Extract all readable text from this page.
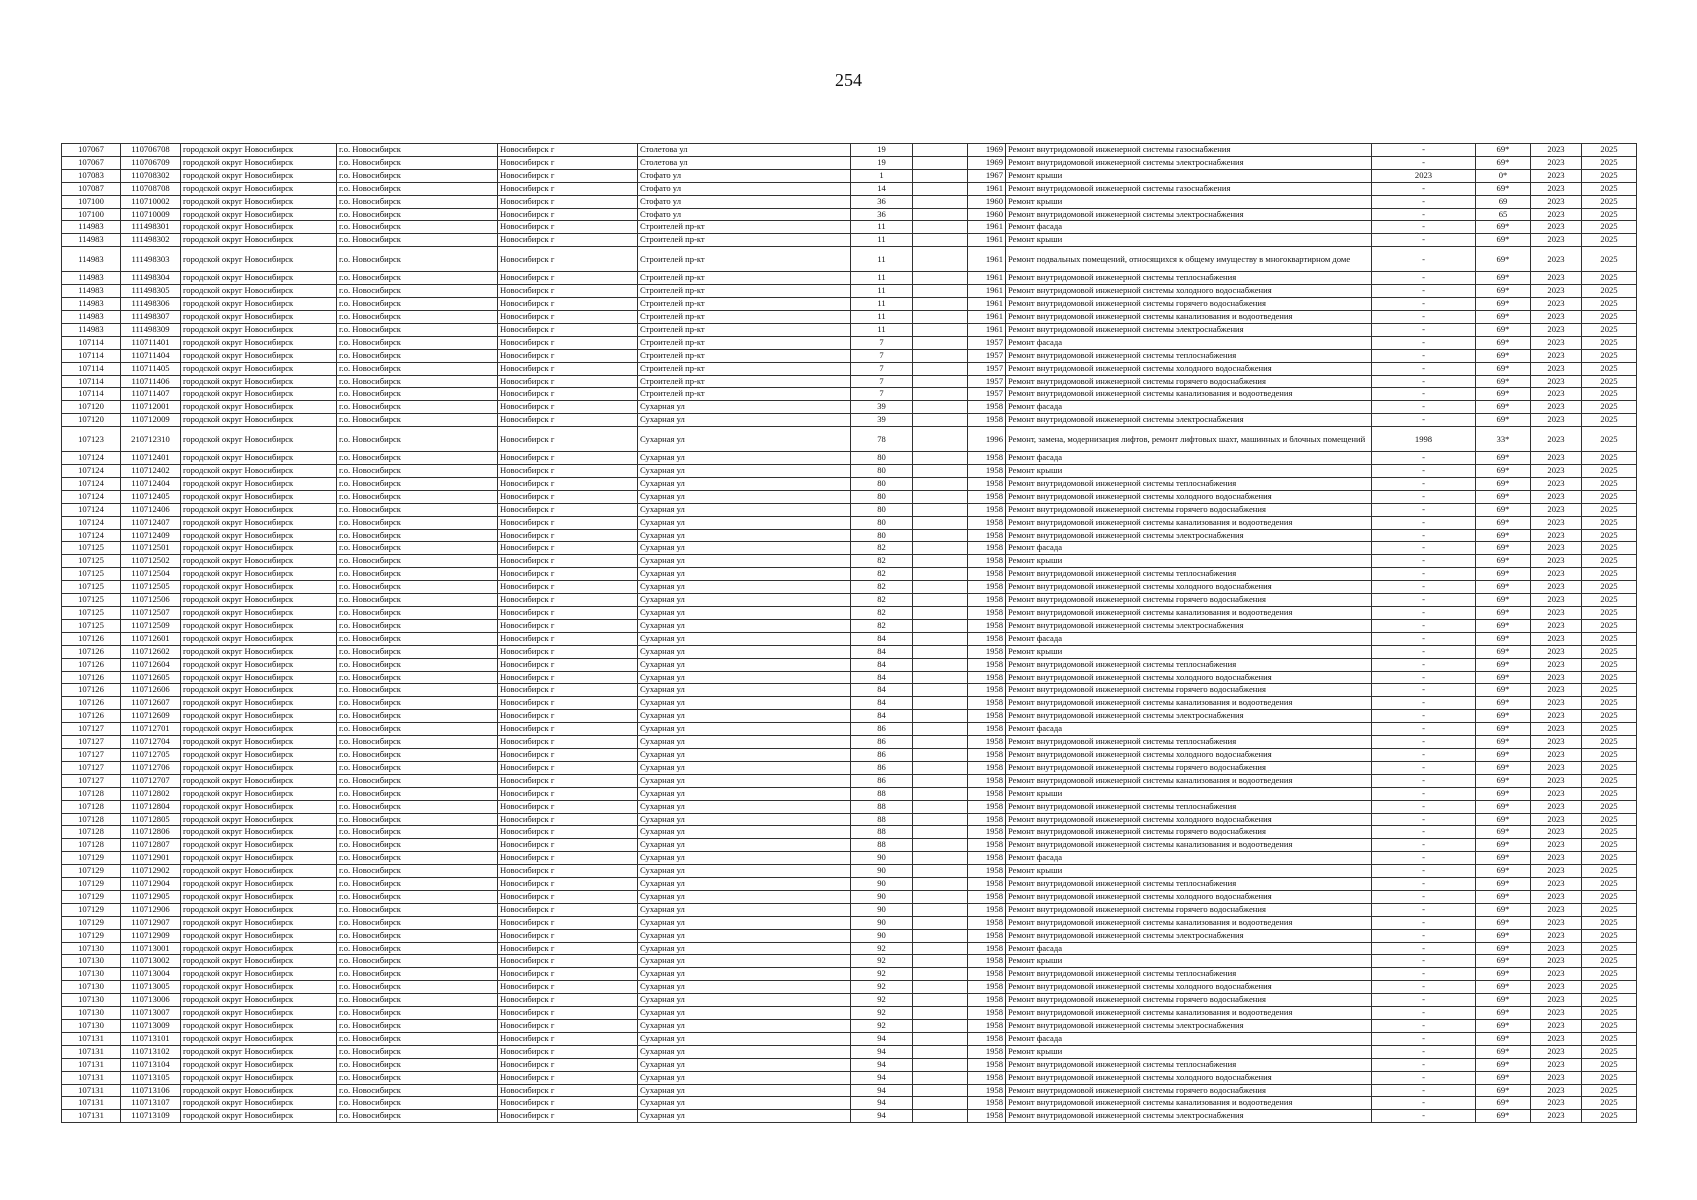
254
107067	110706708	городской округ Новосибирск	г.о. Новосибирск	Новосибирск г	Столетова ул	19		1969	Ремонт внутридомовой инженерной системы газоснабжения	-	69*	2023	2025
107067	110706709	городской округ Новосибирск	г.о. Новосибирск	Новосибирск г	Столетова ул	19		1969	Ремонт внутридомовой инженерной системы электроснабжения	-	69*	2023	2025
107083	110708302	городской округ Новосибирск	г.о. Новосибирск	Новосибирск г	Стофато ул	1		1967	Ремонт крыши	2023	0*	2023	2025
107087	110708708	городской округ Новосибирск	г.о. Новосибирск	Новосибирск г	Стофато ул	14		1961	Ремонт внутридомовой инженерной системы газоснабжения	-	69*	2023	2025
107100	110710002	городской округ Новосибирск	г.о. Новосибирск	Новосибирск г	Стофато ул	36		1960	Ремонт крыши	-	69	2023	2025
107100	110710009	городской округ Новосибирск	г.о. Новосибирск	Новосибирск г	Стофато ул	36		1960	Ремонт внутридомовой инженерной системы электроснабжения	-	65	2023	2025
114983	111498301	городской округ Новосибирск	г.о. Новосибирск	Новосибирск г	Строителей пр-кт	11		1961	Ремонт фасада	-	69*	2023	2025
114983	111498302	городской округ Новосибирск	г.о. Новосибирск	Новосибирск г	Строителей пр-кт	11		1961	Ремонт крыши	-	69*	2023	2025
114983	111498303	городской округ Новосибирск	г.о. Новосибирск	Новосибирск г	Строителей пр-кт	11		1961	Ремонт подвальных помещений, относящихся к общему имуществу в многоквартирном доме	-	69*	2023	2025
114983	111498304	городской округ Новосибирск	г.о. Новосибирск	Новосибирск г	Строителей пр-кт	11		1961	Ремонт внутридомовой инженерной системы теплоснабжения	-	69*	2023	2025
114983	111498305	городской округ Новосибирск	г.о. Новосибирск	Новосибирск г	Строителей пр-кт	11		1961	Ремонт внутридомовой инженерной системы холодного водоснабжения	-	69*	2023	2025
114983	111498306	городской округ Новосибирск	г.о. Новосибирск	Новосибирск г	Строителей пр-кт	11		1961	Ремонт внутридомовой инженерной системы горячего водоснабжения	-	69*	2023	2025
114983	111498307	городской округ Новосибирск	г.о. Новосибирск	Новосибирск г	Строителей пр-кт	11		1961	Ремонт внутридомовой инженерной системы канализования и водоотведения	-	69*	2023	2025
114983	111498309	городской округ Новосибирск	г.о. Новосибирск	Новосибирск г	Строителей пр-кт	11		1961	Ремонт внутридомовой инженерной системы электроснабжения	-	69*	2023	2025
107114	110711401	городской округ Новосибирск	г.о. Новосибирск	Новосибирск г	Строителей пр-кт	7		1957	Ремонт фасада	-	69*	2023	2025
107114	110711404	городской округ Новосибирск	г.о. Новосибирск	Новосибирск г	Строителей пр-кт	7		1957	Ремонт внутридомовой инженерной системы теплоснабжения	-	69*	2023	2025
107114	110711405	городской округ Новосибирск	г.о. Новосибирск	Новосибирск г	Строителей пр-кт	7		1957	Ремонт внутридомовой инженерной системы холодного водоснабжения	-	69*	2023	2025
107114	110711406	городской округ Новосибирск	г.о. Новосибирск	Новосибирск г	Строителей пр-кт	7		1957	Ремонт внутридомовой инженерной системы горячего водоснабжения	-	69*	2023	2025
107114	110711407	городской округ Новосибирск	г.о. Новосибирск	Новосибирск г	Строителей пр-кт	7		1957	Ремонт внутридомовой инженерной системы канализования и водоотведения	-	69*	2023	2025
107120	110712001	городской округ Новосибирск	г.о. Новосибирск	Новосибирск г	Сухарная ул	39		1958	Ремонт фасада	-	69*	2023	2025
107120	110712009	городской округ Новосибирск	г.о. Новосибирск	Новосибирск г	Сухарная ул	39		1958	Ремонт внутридомовой инженерной системы электроснабжения	-	69*	2023	2025
107123	210712310	городской округ Новосибирск	г.о. Новосибирск	Новосибирск г	Сухарная ул	78		1996	Ремонт, замена, модернизация лифтов, ремонт лифтовых шахт, машинных и блочных помещений	1998	33*	2023	2025
107124	110712401	городской округ Новосибирск	г.о. Новосибирск	Новосибирск г	Сухарная ул	80		1958	Ремонт фасада	-	69*	2023	2025
107124	110712402	городской округ Новосибирск	г.о. Новосибирск	Новосибирск г	Сухарная ул	80		1958	Ремонт крыши	-	69*	2023	2025
107124	110712404	городской округ Новосибирск	г.о. Новосибирск	Новосибирск г	Сухарная ул	80		1958	Ремонт внутридомовой инженерной системы теплоснабжения	-	69*	2023	2025
107124	110712405	городской округ Новосибирск	г.о. Новосибирск	Новосибирск г	Сухарная ул	80		1958	Ремонт внутридомовой инженерной системы холодного водоснабжения	-	69*	2023	2025
107124	110712406	городской округ Новосибирск	г.о. Новосибирск	Новосибирск г	Сухарная ул	80		1958	Ремонт внутридомовой инженерной системы горячего водоснабжения	-	69*	2023	2025
107124	110712407	городской округ Новосибирск	г.о. Новосибирск	Новосибирск г	Сухарная ул	80		1958	Ремонт внутридомовой инженерной системы канализования и водоотведения	-	69*	2023	2025
107124	110712409	городской округ Новосибирск	г.о. Новосибирск	Новосибирск г	Сухарная ул	80		1958	Ремонт внутридомовой инженерной системы электроснабжения	-	69*	2023	2025
107125	110712501	городской округ Новосибирск	г.о. Новосибирск	Новосибирск г	Сухарная ул	82		1958	Ремонт фасада	-	69*	2023	2025
107125	110712502	городской округ Новосибирск	г.о. Новосибирск	Новосибирск г	Сухарная ул	82		1958	Ремонт крыши	-	69*	2023	2025
107125	110712504	городской округ Новосибирск	г.о. Новосибирск	Новосибирск г	Сухарная ул	82		1958	Ремонт внутридомовой инженерной системы теплоснабжения	-	69*	2023	2025
107125	110712505	городской округ Новосибирск	г.о. Новосибирск	Новосибирск г	Сухарная ул	82		1958	Ремонт внутридомовой инженерной системы холодного водоснабжения	-	69*	2023	2025
107125	110712506	городской округ Новосибирск	г.о. Новосибирск	Новосибирск г	Сухарная ул	82		1958	Ремонт внутридомовой инженерной системы горячего водоснабжения	-	69*	2023	2025
107125	110712507	городской округ Новосибирск	г.о. Новосибирск	Новосибирск г	Сухарная ул	82		1958	Ремонт внутридомовой инженерной системы канализования и водоотведения	-	69*	2023	2025
107125	110712509	городской округ Новосибирск	г.о. Новосибирск	Новосибирск г	Сухарная ул	82		1958	Ремонт внутридомовой инженерной системы электроснабжения	-	69*	2023	2025
107126	110712601	городской округ Новосибирск	г.о. Новосибирск	Новосибирск г	Сухарная ул	84		1958	Ремонт фасада	-	69*	2023	2025
107126	110712602	городской округ Новосибирск	г.о. Новосибирск	Новосибирск г	Сухарная ул	84		1958	Ремонт крыши	-	69*	2023	2025
107126	110712604	городской округ Новосибирск	г.о. Новосибирск	Новосибирск г	Сухарная ул	84		1958	Ремонт внутридомовой инженерной системы теплоснабжения	-	69*	2023	2025
107126	110712605	городской округ Новосибирск	г.о. Новосибирск	Новосибирск г	Сухарная ул	84		1958	Ремонт внутридомовой инженерной системы холодного водоснабжения	-	69*	2023	2025
107126	110712606	городской округ Новосибирск	г.о. Новосибирск	Новосибирск г	Сухарная ул	84		1958	Ремонт внутридомовой инженерной системы горячего водоснабжения	-	69*	2023	2025
107126	110712607	городской округ Новосибирск	г.о. Новосибирск	Новосибирск г	Сухарная ул	84		1958	Ремонт внутридомовой инженерной системы канализования и водоотведения	-	69*	2023	2025
107126	110712609	городской округ Новосибирск	г.о. Новосибирск	Новосибирск г	Сухарная ул	84		1958	Ремонт внутридомовой инженерной системы электроснабжения	-	69*	2023	2025
107127	110712701	городской округ Новосибирск	г.о. Новосибирск	Новосибирск г	Сухарная ул	86		1958	Ремонт фасада	-	69*	2023	2025
107127	110712704	городской округ Новосибирск	г.о. Новосибирск	Новосибирск г	Сухарная ул	86		1958	Ремонт внутридомовой инженерной системы теплоснабжения	-	69*	2023	2025
107127	110712705	городской округ Новосибирск	г.о. Новосибирск	Новосибирск г	Сухарная ул	86		1958	Ремонт внутридомовой инженерной системы холодного водоснабжения	-	69*	2023	2025
107127	110712706	городской округ Новосибирск	г.о. Новосибирск	Новосибирск г	Сухарная ул	86		1958	Ремонт внутридомовой инженерной системы горячего водоснабжения	-	69*	2023	2025
107127	110712707	городской округ Новосибирск	г.о. Новосибирск	Новосибирск г	Сухарная ул	86		1958	Ремонт внутридомовой инженерной системы канализования и водоотведения	-	69*	2023	2025
107128	110712802	городской округ Новосибирск	г.о. Новосибирск	Новосибирск г	Сухарная ул	88		1958	Ремонт крыши	-	69*	2023	2025
107128	110712804	городской округ Новосибирск	г.о. Новосибирск	Новосибирск г	Сухарная ул	88		1958	Ремонт внутридомовой инженерной системы теплоснабжения	-	69*	2023	2025
107128	110712805	городской округ Новосибирск	г.о. Новосибирск	Новосибирск г	Сухарная ул	88		1958	Ремонт внутридомовой инженерной системы холодного водоснабжения	-	69*	2023	2025
107128	110712806	городской округ Новосибирск	г.о. Новосибирск	Новосибирск г	Сухарная ул	88		1958	Ремонт внутридомовой инженерной системы горячего водоснабжения	-	69*	2023	2025
107128	110712807	городской округ Новосибирск	г.о. Новосибирск	Новосибирск г	Сухарная ул	88		1958	Ремонт внутридомовой инженерной системы канализования и водоотведения	-	69*	2023	2025
107129	110712901	городской округ Новосибирск	г.о. Новосибирск	Новосибирск г	Сухарная ул	90		1958	Ремонт фасада	-	69*	2023	2025
107129	110712902	городской округ Новосибирск	г.о. Новосибирск	Новосибирск г	Сухарная ул	90		1958	Ремонт крыши	-	69*	2023	2025
107129	110712904	городской округ Новосибирск	г.о. Новосибирск	Новосибирск г	Сухарная ул	90		1958	Ремонт внутридомовой инженерной системы теплоснабжения	-	69*	2023	2025
107129	110712905	городской округ Новосибирск	г.о. Новосибирск	Новосибирск г	Сухарная ул	90		1958	Ремонт внутридомовой инженерной системы холодного водоснабжения	-	69*	2023	2025
107129	110712906	городской округ Новосибирск	г.о. Новосибирск	Новосибирск г	Сухарная ул	90		1958	Ремонт внутридомовой инженерной системы горячего водоснабжения	-	69*	2023	2025
107129	110712907	городской округ Новосибирск	г.о. Новосибирск	Новосибирск г	Сухарная ул	90		1958	Ремонт внутридомовой инженерной системы канализования и водоотведения	-	69*	2023	2025
107129	110712909	городской округ Новосибирск	г.о. Новосибирск	Новосибирск г	Сухарная ул	90		1958	Ремонт внутридомовой инженерной системы электроснабжения	-	69*	2023	2025
107130	110713001	городской округ Новосибирск	г.о. Новосибирск	Новосибирск г	Сухарная ул	92		1958	Ремонт фасада	-	69*	2023	2025
107130	110713002	городской округ Новосибирск	г.о. Новосибирск	Новосибирск г	Сухарная ул	92		1958	Ремонт крыши	-	69*	2023	2025
107130	110713004	городской округ Новосибирск	г.о. Новосибирск	Новосибирск г	Сухарная ул	92		1958	Ремонт внутридомовой инженерной системы теплоснабжения	-	69*	2023	2025
107130	110713005	городской округ Новосибирск	г.о. Новосибирск	Новосибирск г	Сухарная ул	92		1958	Ремонт внутридомовой инженерной системы холодного водоснабжения	-	69*	2023	2025
107130	110713006	городской округ Новосибирск	г.о. Новосибирск	Новосибирск г	Сухарная ул	92		1958	Ремонт внутридомовой инженерной системы горячего водоснабжения	-	69*	2023	2025
107130	110713007	городской округ Новосибирск	г.о. Новосибирск	Новосибирск г	Сухарная ул	92		1958	Ремонт внутридомовой инженерной системы канализования и водоотведения	-	69*	2023	2025
107130	110713009	городской округ Новосибирск	г.о. Новосибирск	Новосибирск г	Сухарная ул	92		1958	Ремонт внутридомовой инженерной системы электроснабжения	-	69*	2023	2025
107131	110713101	городской округ Новосибирск	г.о. Новосибирск	Новосибирск г	Сухарная ул	94		1958	Ремонт фасада	-	69*	2023	2025
107131	110713102	городской округ Новосибирск	г.о. Новосибирск	Новосибирск г	Сухарная ул	94		1958	Ремонт крыши	-	69*	2023	2025
107131	110713104	городской округ Новосибирск	г.о. Новосибирск	Новосибирск г	Сухарная ул	94		1958	Ремонт внутридомовой инженерной системы теплоснабжения	-	69*	2023	2025
107131	110713105	городской округ Новосибирск	г.о. Новосибирск	Новосибирск г	Сухарная ул	94		1958	Ремонт внутридомовой инженерной системы холодного водоснабжения	-	69*	2023	2025
107131	110713106	городской округ Новосибирск	г.о. Новосибирск	Новосибирск г	Сухарная ул	94		1958	Ремонт внутридомовой инженерной системы горячего водоснабжения	-	69*	2023	2025
107131	110713107	городской округ Новосибирск	г.о. Новосибирск	Новосибирск г	Сухарная ул	94		1958	Ремонт внутридомовой инженерной системы канализования и водоотведения	-	69*	2023	2025
107131	110713109	городской округ Новосибирск	г.о. Новосибирск	Новосибирск г	Сухарная ул	94		1958	Ремонт внутридомовой инженерной системы электроснабжения	-	69*	2023	2025
